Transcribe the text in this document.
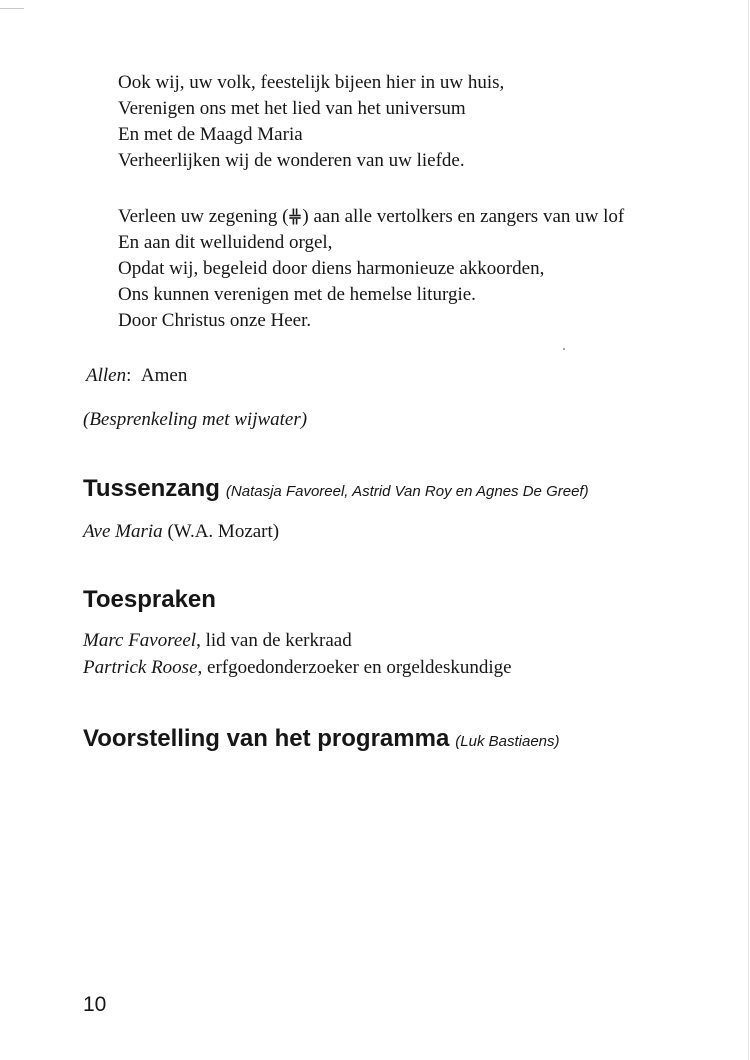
Ook wij, uw volk, feestelijk bijeen hier in uw huis,
Verenigen ons met het lied van het universum
En met de Maagd Maria
Verheerlijken wij de wonderen van uw liefde.
Verleen uw zegening ( ) aan alle vertolkers en zangers van uw lof
En aan dit welluidend orgel,
Opdat wij, begeleid door diens harmonieuze akkoorden,
Ons kunnen verenigen met de hemelse liturgie.
Door Christus onze Heer.
Allen: Amen
(Besprenkeling met wijwater)
Tussenzang (Natasja Favoreel, Astrid Van Roy en Agnes De Greef)
Ave Maria (W.A. Mozart)
Toespraken
Marc Favoreel, lid van de kerkraad
Partrick Roose, erfgoedonderzoeker en orgeldeskundige
Voorstelling van het programma (Luk Bastiaens)
10
